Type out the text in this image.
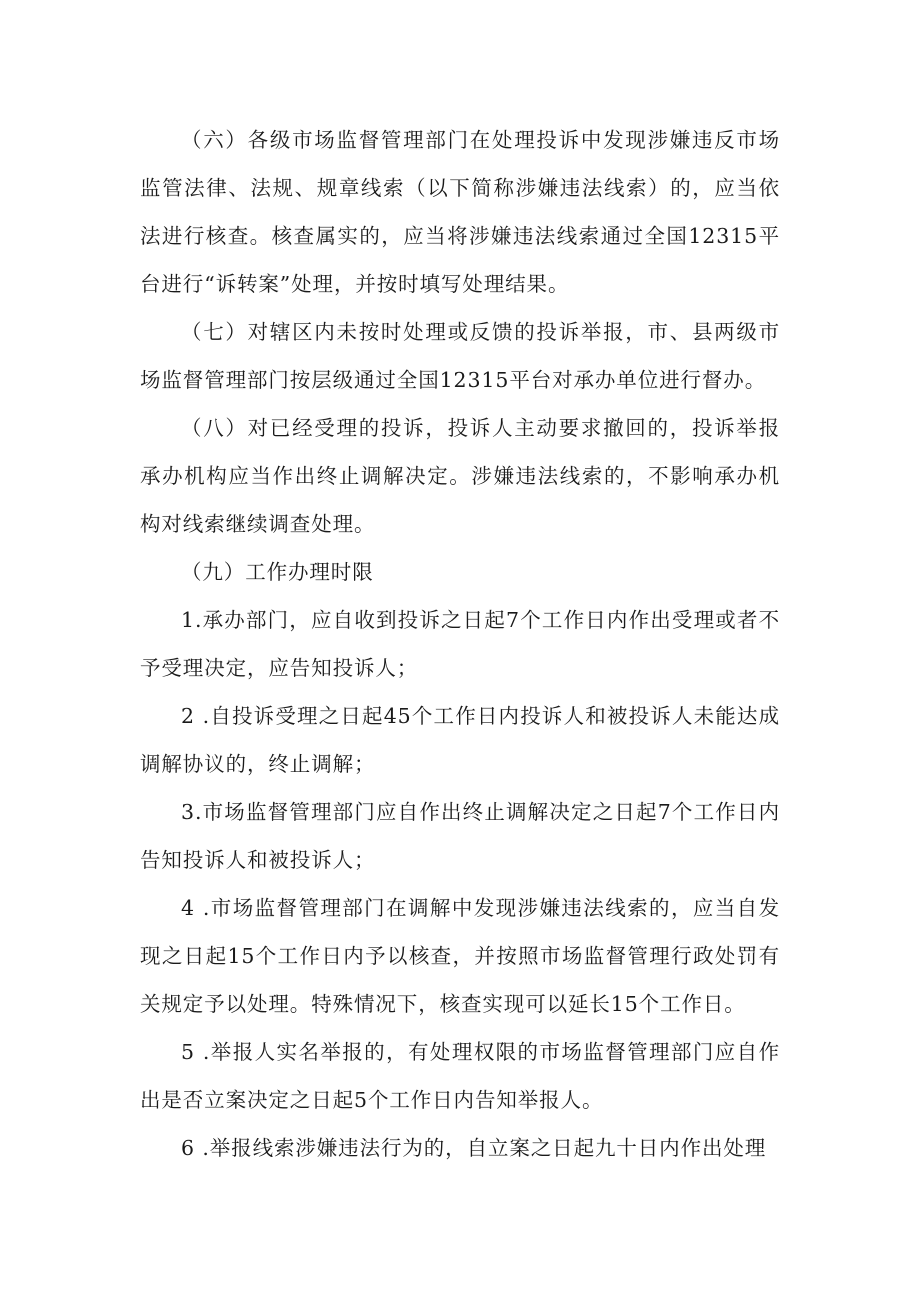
（六）各级市场监督管理部门在处理投诉中发现涉嫌违反市场监管法律、法规、规章线索（以下简称涉嫌违法线索）的，应当依法进行核查。核查属实的，应当将涉嫌违法线索通过全国12315平台进行“诉转案”处理，并按时填写处理结果。

（七）对辖区内未按时处理或反馈的投诉举报，市、县两级市场监督管理部门按层级通过全国12315平台对承办单位进行督办。

（八）对已经受理的投诉，投诉人主动要求撤回的，投诉举报承办机构应当作出终止调解决定。涉嫌违法线索的，不影响承办机构对线索继续调查处理。

（九）工作办理时限

1.承办部门，应自收到投诉之日起7个工作日内作出受理或者不予受理决定，应告知投诉人；

2 .自投诉受理之日起45个工作日内投诉人和被投诉人未能达成调解协议的，终止调解；

3.市场监督管理部门应自作出终止调解决定之日起7个工作日内告知投诉人和被投诉人；

4 .市场监督管理部门在调解中发现涉嫌违法线索的，应当自发现之日起15个工作日内予以核查，并按照市场监督管理行政处罚有关规定予以处理。特殊情况下，核查实现可以延长15个工作日。

5 .举报人实名举报的，有处理权限的市场监督管理部门应自作出是否立案决定之日起5个工作日内告知举报人。

6 .举报线索涉嫌违法行为的，自立案之日起九十日内作出处理
